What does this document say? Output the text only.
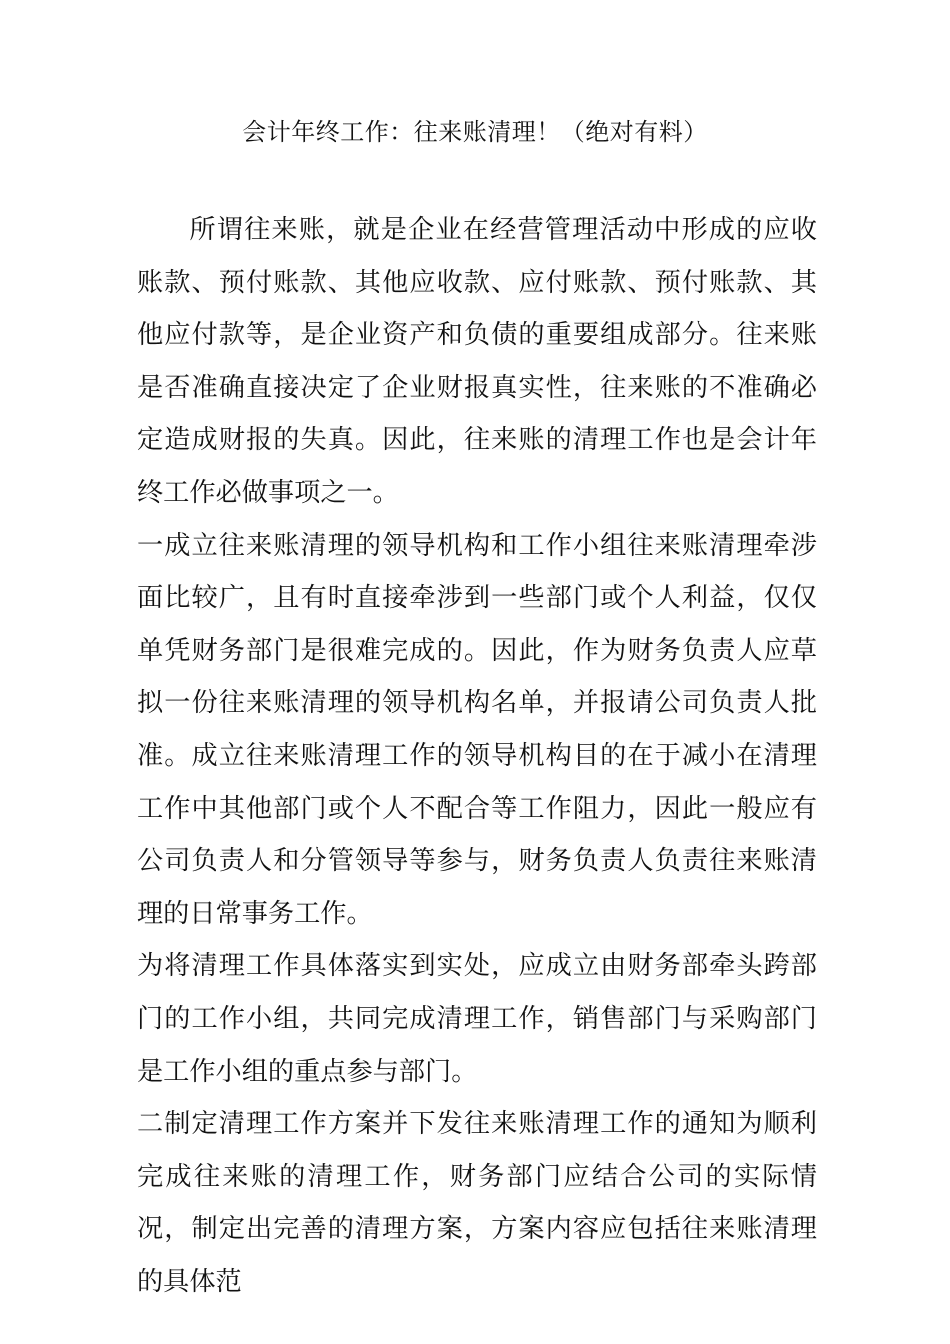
会计年终工作：往来账清理！（绝对有料）

所谓往来账，就是企业在经营管理活动中形成的应收账款、预付账款、其他应收款、应付账款、预付账款、其他应付款等，是企业资产和负债的重要组成部分。往来账是否准确直接决定了企业财报真实性，往来账的不准确必定造成财报的失真。因此，往来账的清理工作也是会计年终工作必做事项之一。

一成立往来账清理的领导机构和工作小组往来账清理牵涉面比较广，且有时直接牵涉到一些部门或个人利益，仅仅单凭财务部门是很难完成的。因此，作为财务负责人应草拟一份往来账清理的领导机构名单，并报请公司负责人批准。成立往来账清理工作的领导机构目的在于减小在清理工作中其他部门或个人不配合等工作阻力，因此一般应有公司负责人和分管领导等参与，财务负责人负责往来账清理的日常事务工作。

为将清理工作具体落实到实处，应成立由财务部牵头跨部门的工作小组，共同完成清理工作，销售部门与采购部门是工作小组的重点参与部门。

二制定清理工作方案并下发往来账清理工作的通知为顺利完成往来账的清理工作，财务部门应结合公司的实际情况，制定出完善的清理方案，方案内容应包括往来账清理的具体范
